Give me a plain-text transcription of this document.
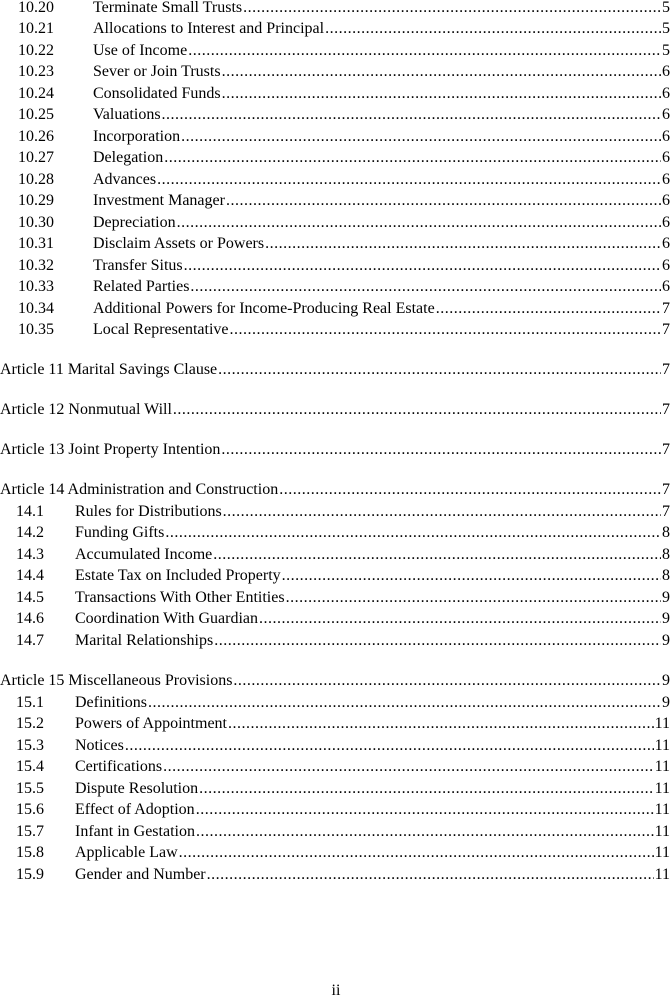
10.20	Terminate Small Trusts .....	5
10.21	Allocations to Interest and Principal .....	5
10.22	Use of Income .....	5
10.23	Sever or Join Trusts .....	6
10.24	Consolidated Funds .....	6
10.25	Valuations .....	6
10.26	Incorporation .....	6
10.27	Delegation .....	6
10.28	Advances .....	6
10.29	Investment Manager .....	6
10.30	Depreciation .....	6
10.31	Disclaim Assets or Powers .....	6
10.32	Transfer Situs .....	6
10.33	Related Parties .....	6
10.34	Additional Powers for Income-Producing Real Estate .....	7
10.35	Local Representative .....	7
Article 11 Marital Savings Clause .....	7
Article 12 Nonmutual Will .....	7
Article 13 Joint Property Intention .....	7
Article 14 Administration and Construction .....	7
14.1	Rules for Distributions .....	7
14.2	Funding Gifts .....	8
14.3	Accumulated Income .....	8
14.4	Estate Tax on Included Property .....	8
14.5	Transactions With Other Entities .....	9
14.6	Coordination With Guardian .....	9
14.7	Marital Relationships .....	9
Article 15 Miscellaneous Provisions .....	9
15.1	Definitions .....	9
15.2	Powers of Appointment .....	11
15.3	Notices .....	11
15.4	Certifications .....	11
15.5	Dispute Resolution .....	11
15.6	Effect of Adoption .....	11
15.7	Infant in Gestation .....	11
15.8	Applicable Law .....	11
15.9	Gender and Number .....	11
ii
